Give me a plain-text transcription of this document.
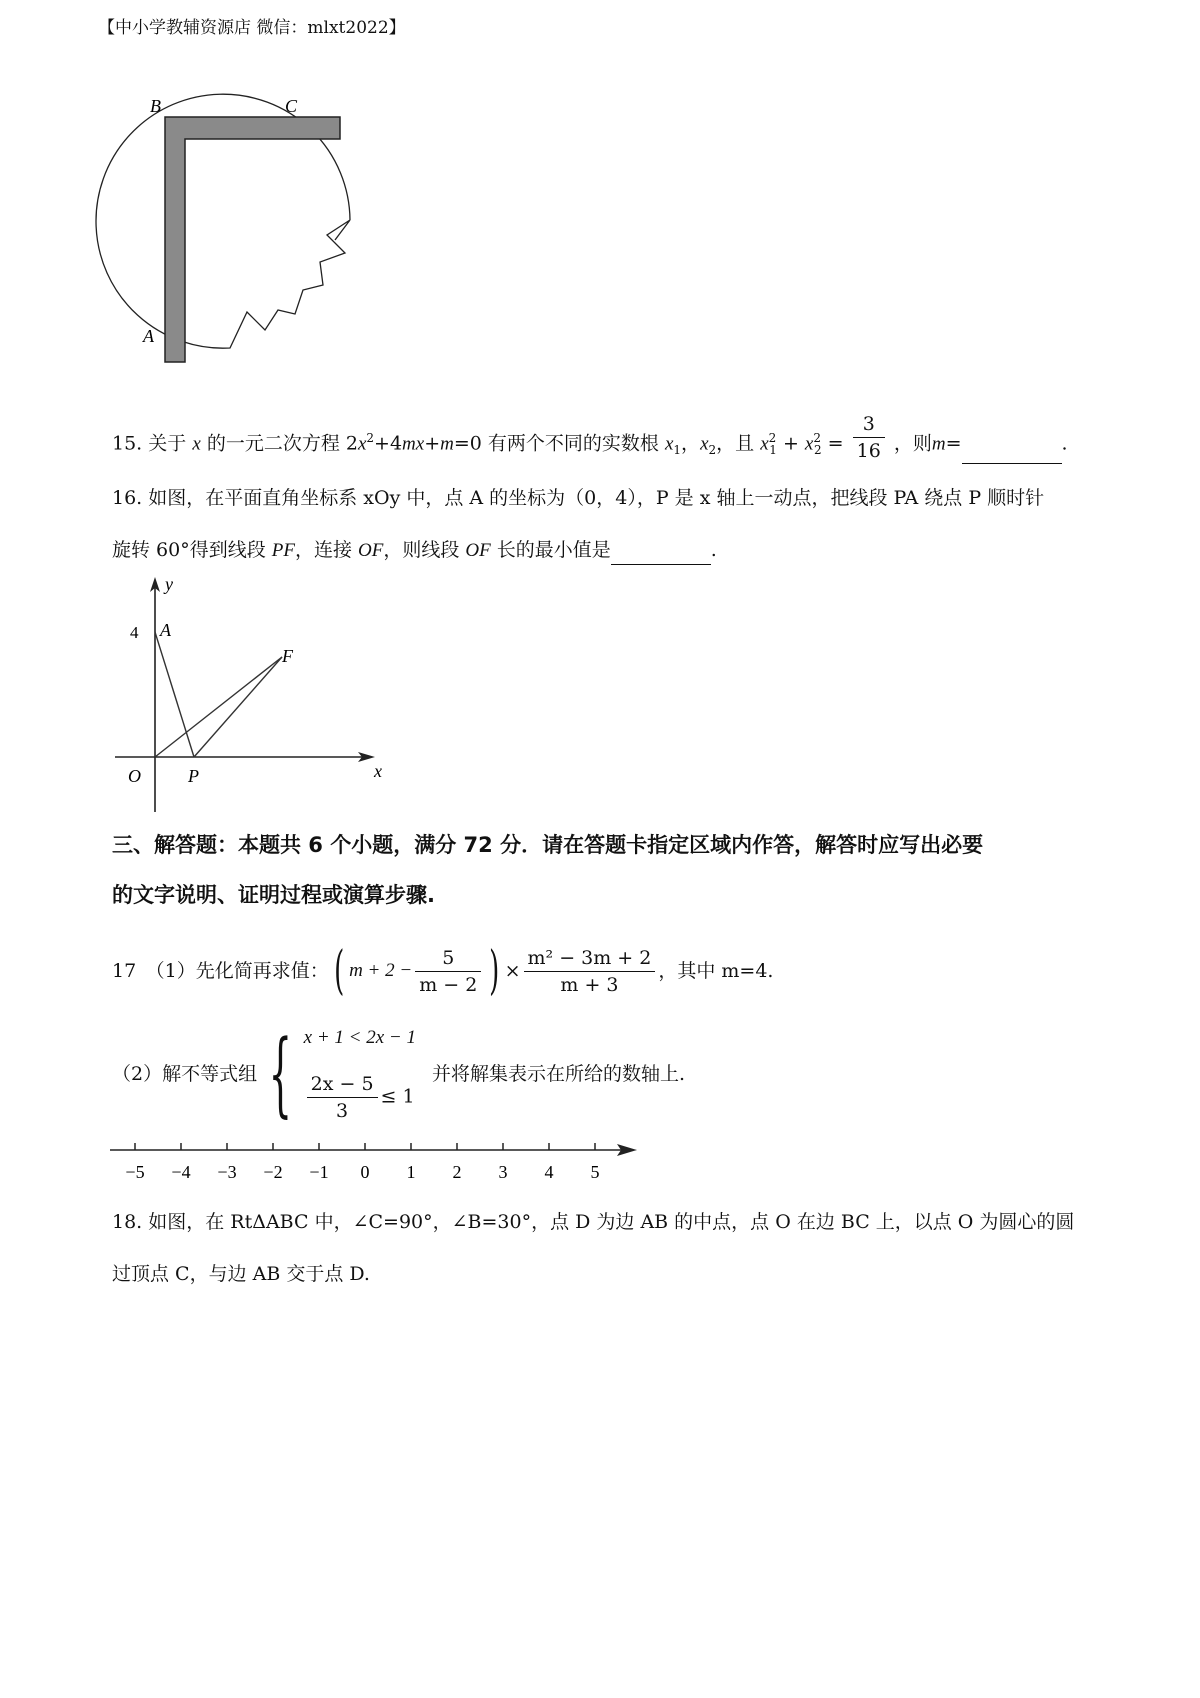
【中小学教辅资源店 微信：mlxt2022】
B	C
A
15. 关于 x 的一元二次方程 $2x^2+4mx+m=0$ 有两个不同的实数根 $x_1$，$x_2$，且 $x^2_1 + x^2_2 = \frac{3}{16}$ ，则m=	.
16. 如图，在平面直角坐标系 xOy 中，点 A 的坐标为（0，4），P 是 x 轴上一动点，把线段 PA 绕点 P 顺时针
旋转 60°得到线段 PF，连接 OF，则线段 OF 长的最小值是	.
y
x
O
A
P
F
4
三、解答题：本题共 6 个小题，满分 72 分．请在答题卡指定区域内作答，解答时应写出必要
的文字说明、证明过程或演算步骤.
17　（1）先化简再求值： ( $m + 2 - \frac{5}{m - 2}$ ) × $\frac{\text{m² − 3m + 2}}{m + 3}$ ，其中 m=4.
（2）解不等式组 { x + 1 < 2x − 1
$\frac{2x - 5}{3} \le 1$
并将解集表示在所给的数轴上.
−5 −4 −3 −2 −1 0 1 2 3 4 5
18. 如图，在 RtΔABC 中，∠C=90°，∠B=30°，点 D 为边 AB 的中点，点 O 在边 BC 上，以点 O 为圆心的圆
过顶点 C，与边 AB 交于点 D.
